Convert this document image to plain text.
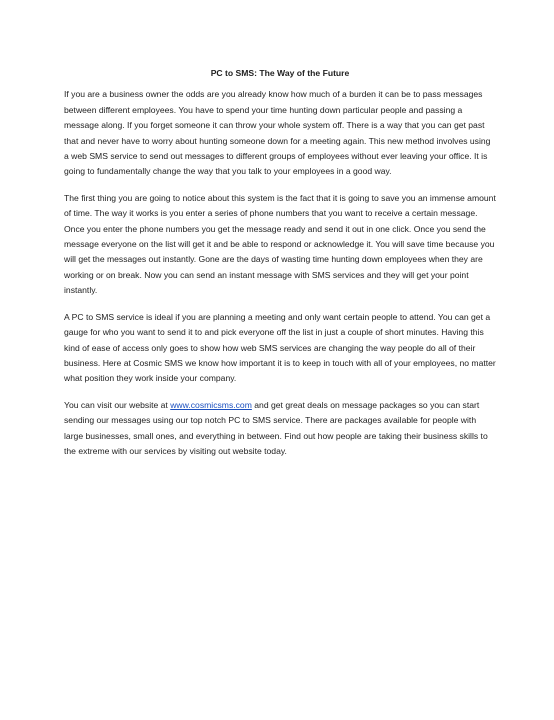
PC to SMS: The Way of the Future

If you are a business owner the odds are you already know how much of a burden it can be to pass messages between different employees. You have to spend your time hunting down particular people and passing a message along. If you forget someone it can throw your whole system off. There is a way that you can get past that and never have to worry about hunting someone down for a meeting again. This new method involves using a web SMS service to send out messages to different groups of employees without ever leaving your office. It is going to fundamentally change the way that you talk to your employees in a good way.

The first thing you are going to notice about this system is the fact that it is going to save you an immense amount of time. The way it works is you enter a series of phone numbers that you want to receive a certain message. Once you enter the phone numbers you get the message ready and send it out in one click. Once you send the message everyone on the list will get it and be able to respond or acknowledge it. You will save time because you will get the messages out instantly. Gone are the days of wasting time hunting down employees when they are working or on break. Now you can send an instant message with SMS services and they will get your point instantly.

A PC to SMS service is ideal if you are planning a meeting and only want certain people to attend. You can get a gauge for who you want to send it to and pick everyone off the list in just a couple of short minutes. Having this kind of ease of access only goes to show how web SMS services are changing the way people do all of their business. Here at Cosmic SMS we know how important it is to keep in touch with all of your employees, no matter what position they work inside your company.

You can visit our website at www.cosmicsms.com and get great deals on message packages so you can start sending our messages using our top notch PC to SMS service. There are packages available for people with large businesses, small ones, and everything in between. Find out how people are taking their business skills to the extreme with our services by visiting out website today.
